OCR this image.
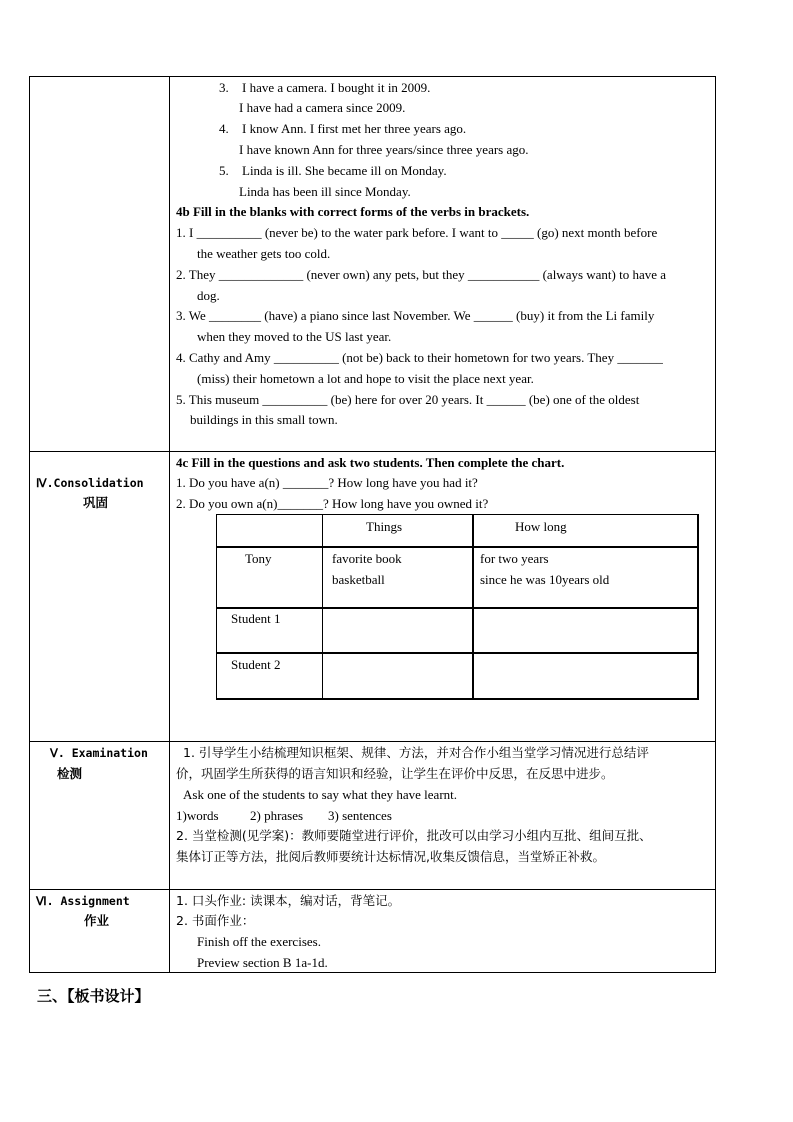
3. I have a camera. I bought it in 2009.
I have had a camera since 2009.
4. I know Ann. I first met her three years ago.
I have known Ann for three years/since three years ago.
5. Linda is ill. She became ill on Monday.
Linda has been ill since Monday.
4b Fill in the blanks with correct forms of the verbs in brackets.
1. I __________ (never be) to the water park before. I want to _____ (go) next month before
the weather gets too cold.
2. They _____________ (never own) any pets, but they ___________ (always want) to have a
dog.
3. We ________ (have) a piano since last November. We ______ (buy) it from the Li family
when they moved to the US last year.
4. Cathy and Amy __________ (not be) back to their hometown for two years. They _______
(miss) their hometown a lot and hope to visit the place next year.
5. This museum __________ (be) here for over 20 years. It ______ (be) one of the oldest
buildings in this small town.
Ⅳ.Consolidation
巩固
4c Fill in the questions and ask two students. Then complete the chart.
1. Do you have a(n) _______? How long have you had it?
2. Do you own a(n)_______? How long have you owned it?
Things	How long
Tony	favorite book
basketball
for two years
since he was 10years old
Student 1
Student 2
Ⅴ. Examination
检测
1. 引导学生小结梳理知识框架、规律、方法，并对合作小组当堂学习情况进行总结评
价，巩固学生所获得的语言知识和经验，让学生在评价中反思，在反思中进步。
Ask one of the students to say what they have learnt.
1)words 2) phrases 3) sentences
2. 当堂检测(见学案)：教师要随堂进行评价，批改可以由学习小组内互批、组间互批、
集体订正等方法，批阅后教师要统计达标情况,收集反馈信息，当堂矫正补救。
Ⅵ. Assignment
作业
1. 口头作业: 读课本，编对话，背笔记。
2. 书面作业：
Finish off the exercises.
Preview section B 1a-1d.
三、【板书设计】
